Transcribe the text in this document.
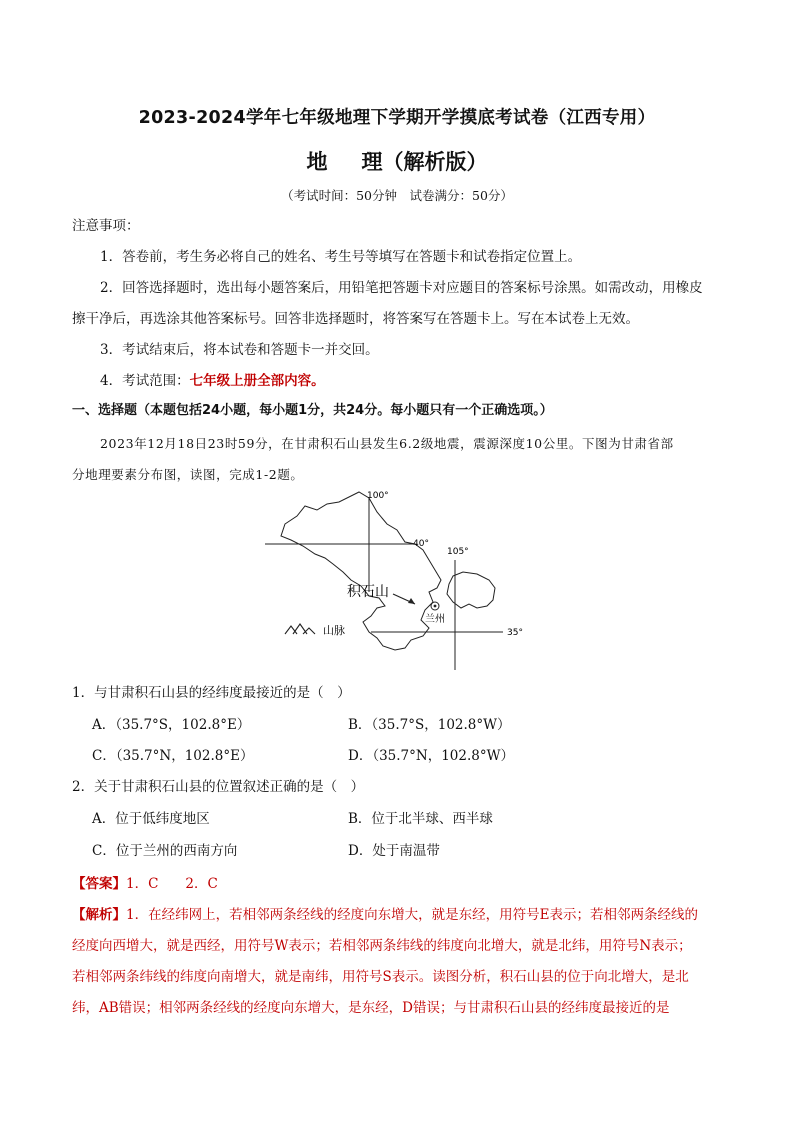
2023-2024学年七年级地理下学期开学摸底考试卷（江西专用）
地 理（解析版）
（考试时间：50分钟　试卷满分：50分）
注意事项：
1．答卷前，考生务必将自己的姓名、考生号等填写在答题卡和试卷指定位置上。
2．回答选择题时，选出每小题答案后，用铅笔把答题卡对应题目的答案标号涂黑。如需改动，用橡皮
擦干净后，再选涂其他答案标号。回答非选择题时，将答案写在答题卡上。写在本试卷上无效。
3．考试结束后，将本试卷和答题卡一并交回。
4．考试范围：七年级上册全部内容。
一、选择题（本题包括24小题，每小题1分，共24分。每小题只有一个正确选项。）
2023年12月18日23时59分，在甘肃积石山县发生6.2级地震，震源深度10公里。下图为甘肃省部
分地理要素分布图，读图，完成1-2题。
100°
105°
40°
35°
积石山
兰州
山脉
1．与甘肃积石山县的经纬度最接近的是（　）
A．（35.7°S，102.8°E）	B．（35.7°S，102.8°W）
C．（35.7°N，102.8°E）	D．（35.7°N，102.8°W）
2．关于甘肃积石山县的位置叙述正确的是（　）
A．位于低纬度地区	B．位于北半球、西半球
C．位于兰州的西南方向	D．处于南温带
【答案】1．C　　2．C
【解析】1．在经纬网上，若相邻两条经线的经度向东增大，就是东经，用符号E表示；若相邻两条经线的
经度向西增大，就是西经，用符号W表示；若相邻两条纬线的纬度向北增大，就是北纬，用符号N表示；
若相邻两条纬线的纬度向南增大，就是南纬，用符号S表示。读图分析，积石山县的位于向北增大，是北
纬，AB错误；相邻两条经线的经度向东增大，是东经，D错误；与甘肃积石山县的经纬度最接近的是
